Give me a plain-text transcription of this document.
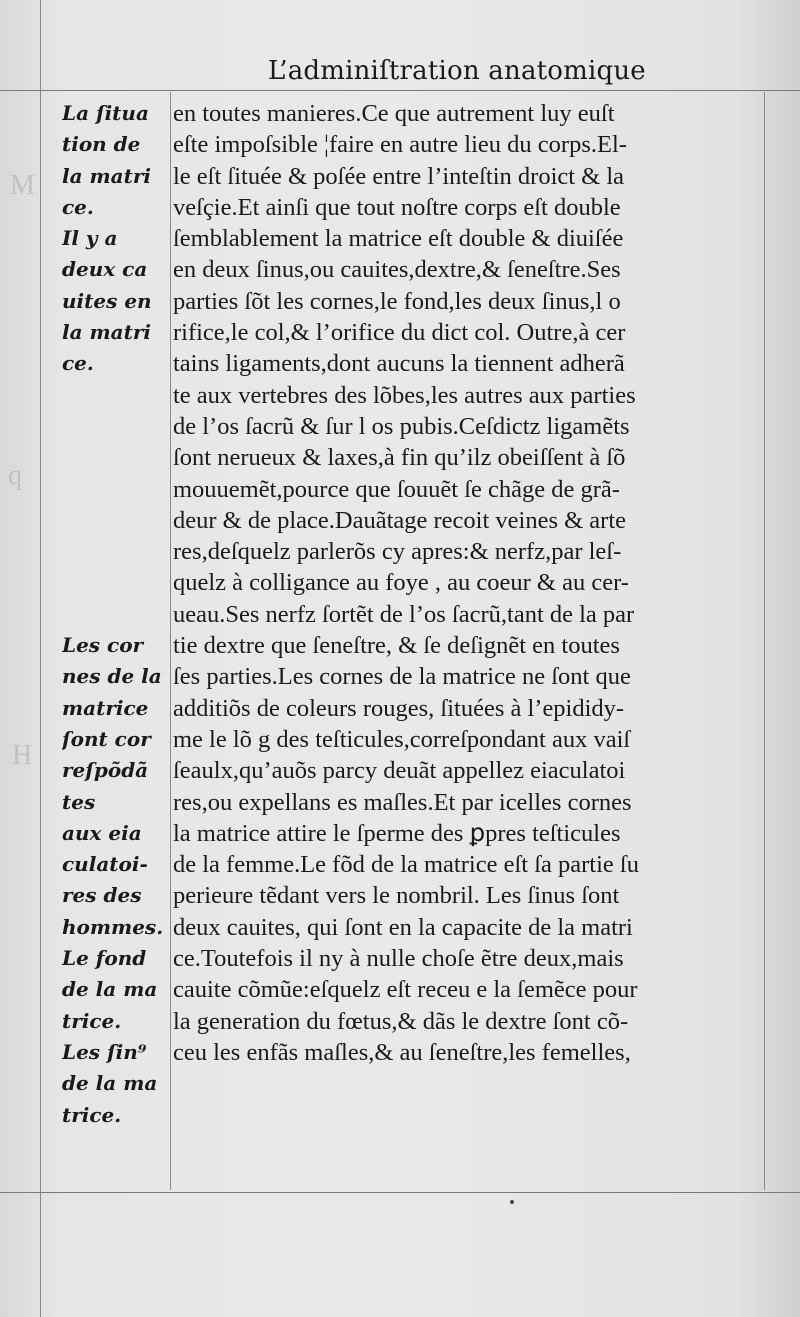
M
q
H
L’adminiſtration anatomique
La ſitua
tion de
la matri
ce.
Il y a
deux ca
uites en
la matri
ce.
Les cor
nes de la
matrice
ſont cor
reſpõdã
tes
aux eia
culatoi-
res des
hommes.
Le fond
de la ma
trice.
Les ſin⁹
de la ma
trice.
en toutes manieres.Ce que autrement luy euſt
eſte impoſsible ¦faire en autre lieu du corps.El-
le eſt ſituée & poſée entre l’inteſtin droict & la
veſçie.Et ainſi que tout noſtre corps eſt double
ſemblablement la matrice eſt double & diuiſée
en deux ſinus,ou cauites,dextre,& ſeneſtre.Ses
parties ſõt les cornes,le fond,les deux ſinus,l o
rifice,le col,& l’orifice du dict col. Outre,à cer
tains ligaments,dont aucuns la tiennent adherã
te aux vertebres des lõbes,les autres aux parties
de l’os ſacrũ & ſur l os pubis.Ceſdictz ligamẽts
ſont nerueux & laxes,à fin qu’ilz obeiſſent à ſõ
mouuemẽt,pource que ſouuẽt ſe chãge de grã-
deur & de place.Dauãtage recoit veines & arte
res,deſquelz parlerõs cy apres:& nerfz,par leſ-
quelz à colligance au foye , au coeur & au cer-
ueau.Ses nerfz ſortẽt de l’os ſacrũ,tant de la par
tie dextre que ſeneſtre, & ſe deſignẽt en toutes
ſes parties.Les cornes de la matrice ne ſont que
additiõs de coleurs rouges, ſituées à l’epididy-
me le lõ g des teſticules,correſpondant aux vaiſ
ſeaulx,qu’auõs parcy deuãt appellez eiaculatoi
res,ou expellans es maſles.Et par icelles cornes
la matrice attire le ſperme des ꝑpres teſticules
de la femme.Le fõd de la matrice eſt ſa partie ſu
perieure tẽdant vers le nombril. Les ſinus ſont
deux cauites, qui ſont en la capacite de la matri
ce.Toutefois il ny à nulle choſe ẽtre deux,mais
cauite cõmũe:eſquelz eſt receu e la ſemẽce pour
la generation du fœtus,& dãs le dextre ſont cõ-
ceu les enfãs maſles,& au ſeneſtre,les femelles,
